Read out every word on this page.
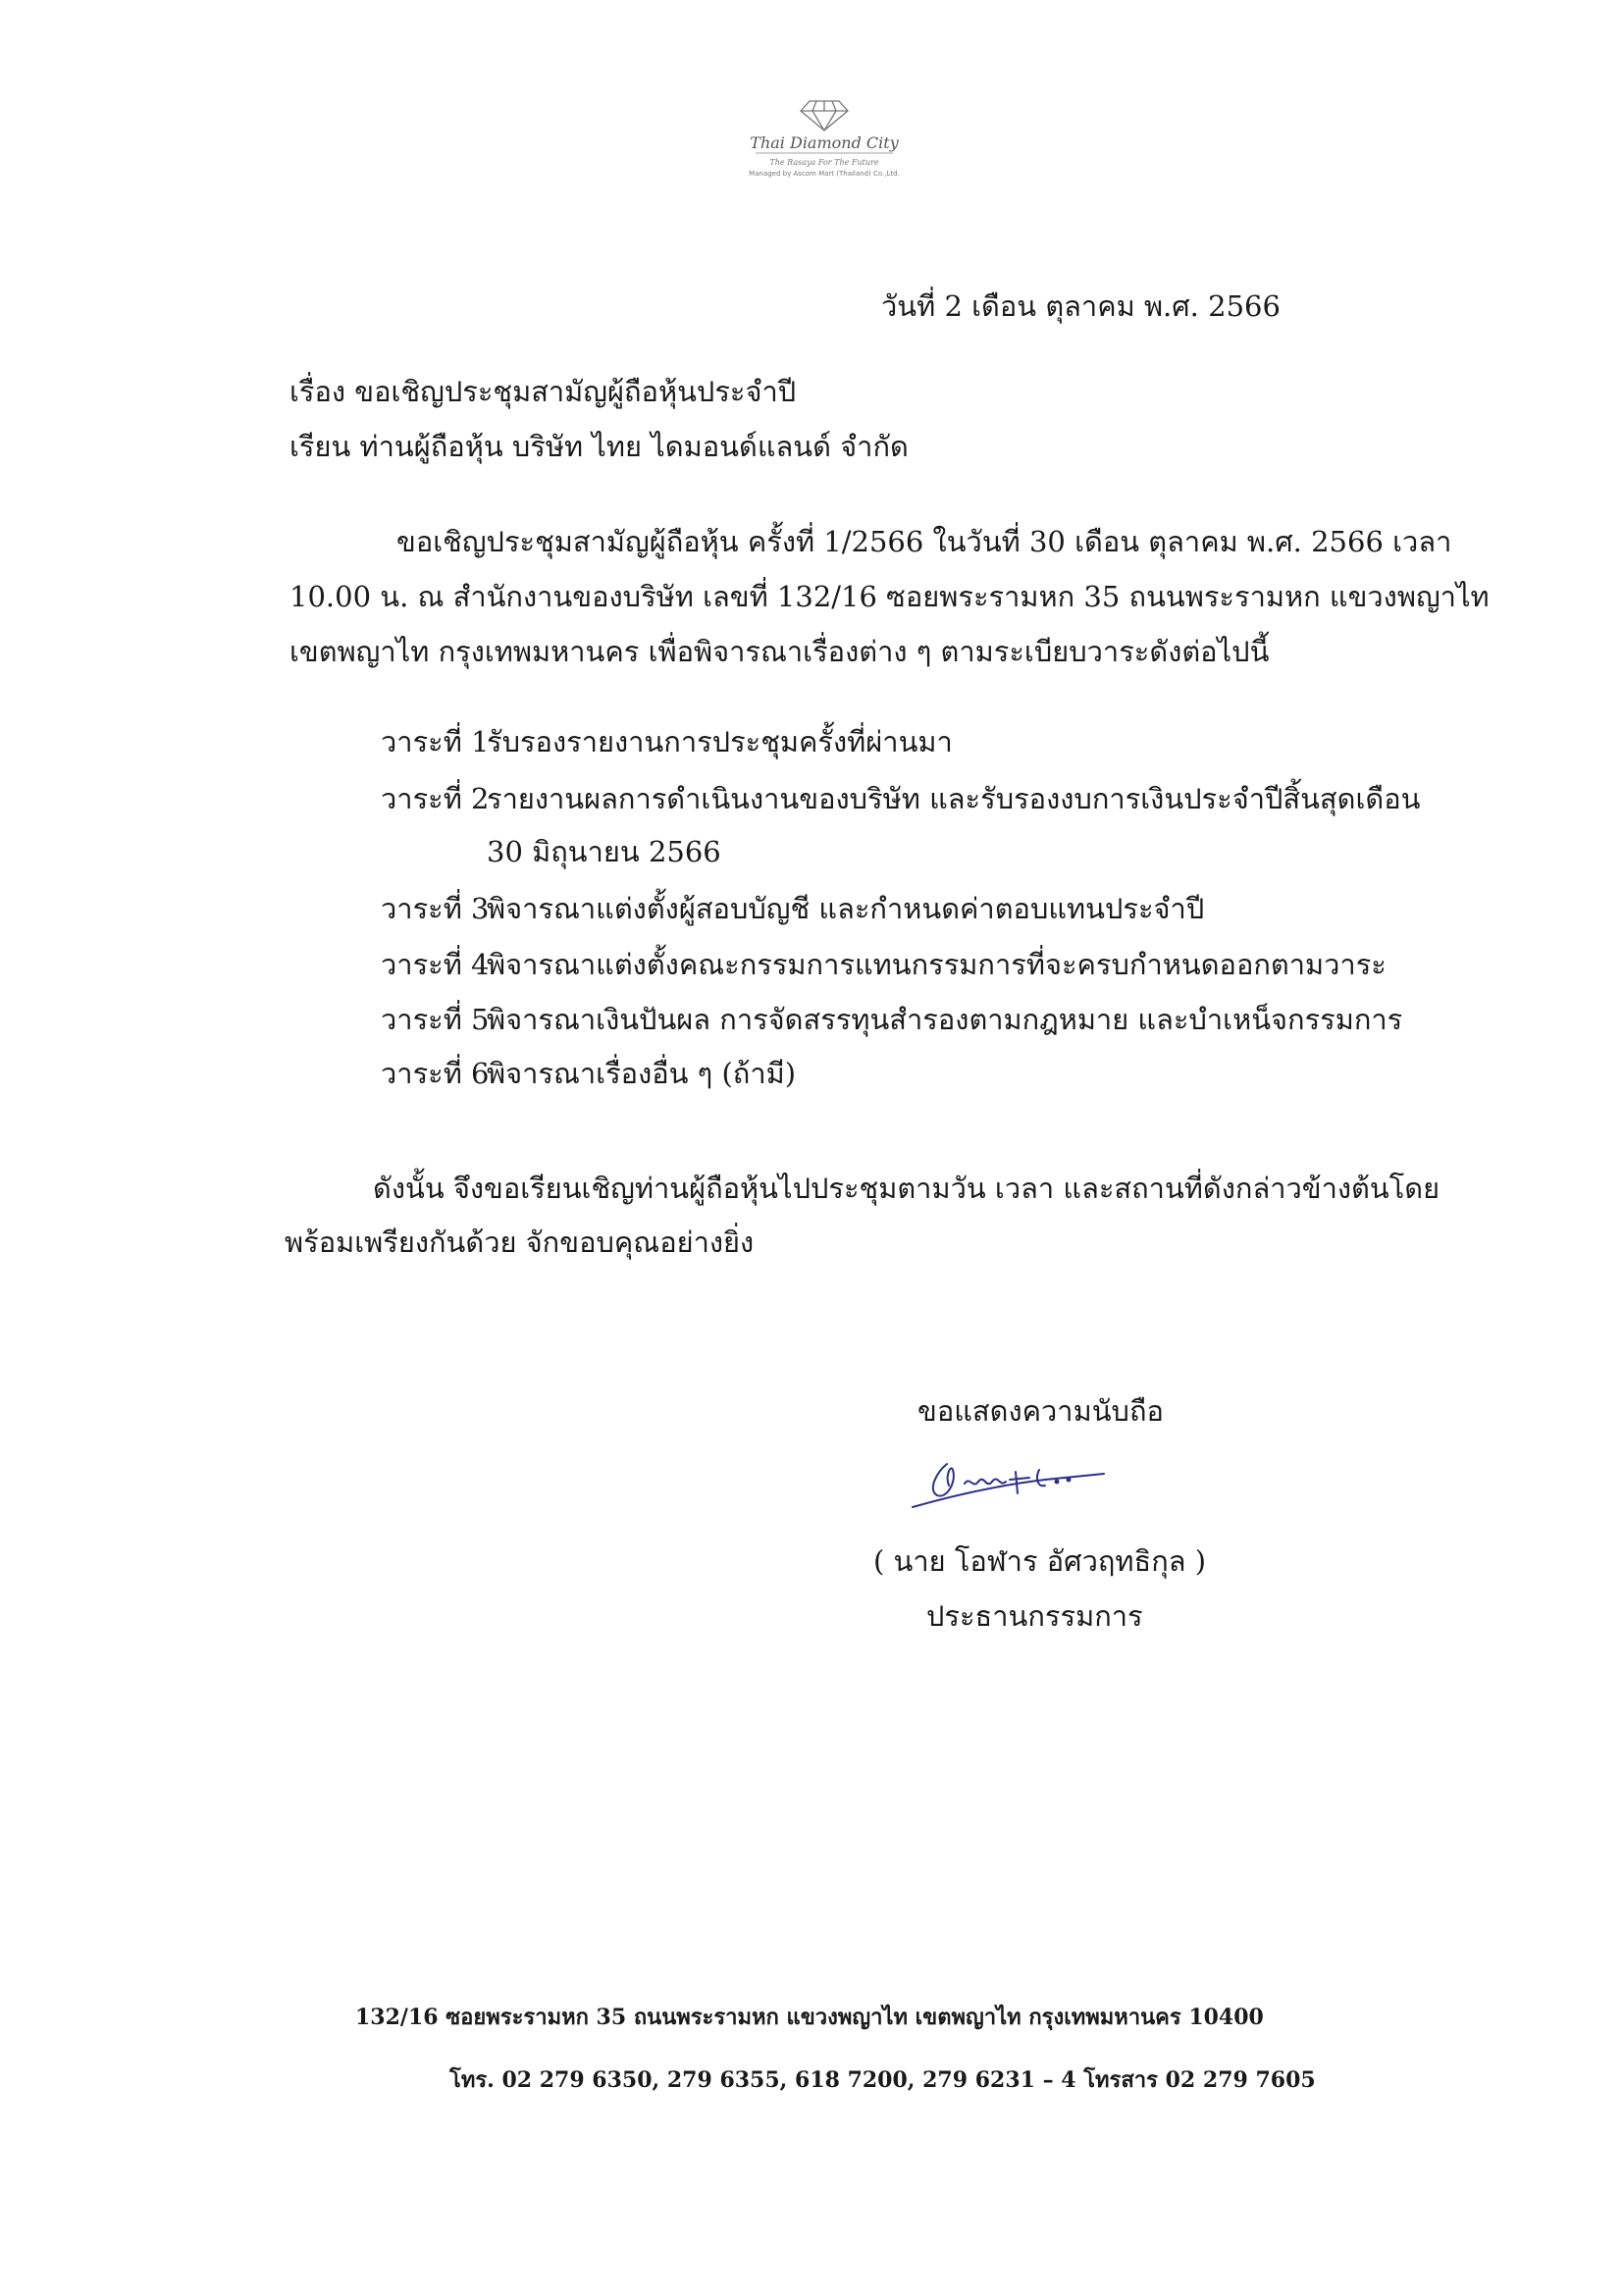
Thai Diamond City
The Rasaya For The Future
Managed by Ascom Mart (Thailand) Co.,Ltd.
วันที่ 2 เดือน ตุลาคม พ.ศ. 2566
เรื่อง ขอเชิญประชุมสามัญผู้ถือหุ้นประจำปี
เรียน ท่านผู้ถือหุ้น บริษัท ไทย ไดมอนด์แลนด์ จำกัด
ขอเชิญประชุมสามัญผู้ถือหุ้น ครั้งที่ 1/2566 ในวันที่ 30 เดือน ตุลาคม พ.ศ. 2566 เวลา
10.00 น. ณ สำนักงานของบริษัท เลขที่ 132/16 ซอยพระรามหก 35 ถนนพระรามหก แขวงพญาไท
เขตพญาไท กรุงเทพมหานคร เพื่อพิจารณาเรื่องต่าง ๆ ตามระเบียบวาระดังต่อไปนี้
วาระที่ 1
รับรองรายงานการประชุมครั้งที่ผ่านมา
วาระที่ 2
รายงานผลการดำเนินงานของบริษัท และรับรองงบการเงินประจำปีสิ้นสุดเดือน
30 มิถุนายน 2566
วาระที่ 3
พิจารณาแต่งตั้งผู้สอบบัญชี และกำหนดค่าตอบแทนประจำปี
วาระที่ 4
พิจารณาแต่งตั้งคณะกรรมการแทนกรรมการที่จะครบกำหนดออกตามวาระ
วาระที่ 5
พิจารณาเงินปันผล การจัดสรรทุนสำรองตามกฎหมาย และบำเหน็จกรรมการ
วาระที่ 6
พิจารณาเรื่องอื่น ๆ (ถ้ามี)
ดังนั้น จึงขอเรียนเชิญท่านผู้ถือหุ้นไปประชุมตามวัน เวลา และสถานที่ดังกล่าวข้างต้นโดย
พร้อมเพรียงกันด้วย จักขอบคุณอย่างยิ่ง
ขอแสดงความนับถือ
( นาย โอฬาร อัศวฤทธิกุล )
ประธานกรรมการ
132/16 ซอยพระรามหก 35 ถนนพระรามหก แขวงพญาไท เขตพญาไท กรุงเทพมหานคร 10400
โทร. 02 279 6350, 279 6355, 618 7200, 279 6231 – 4 โทรสาร 02 279 7605
